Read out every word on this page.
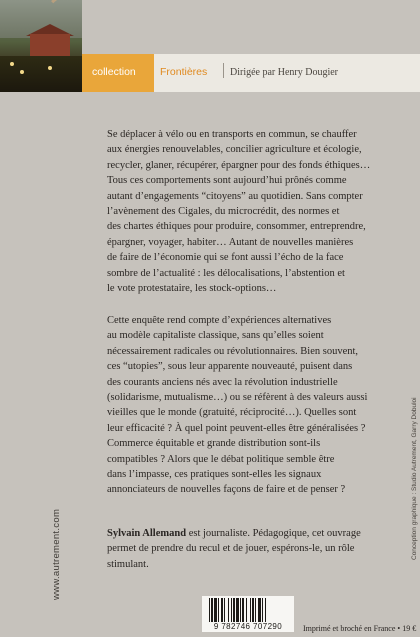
collection Frontières Dirigée par Henry Dougier
Se déplacer à vélo ou en transports en commun, se chauffer
aux énergies renouvelables, concilier agriculture et écologie,
recycler, glaner, récupérer, épargner pour des fonds éthiques…
Tous ces comportements sont aujourd’hui prônés comme
autant d’engagements “citoyens” au quotidien. Sans compter
l’avènement des Cigales, du microcrédit, des normes et
des chartes éthiques pour produire, consommer, entreprendre,
épargner, voyager, habiter… Autant de nouvelles manières
de faire de l’économie qui se font aussi l’écho de la face
sombre de l’actualité : les délocalisations, l’abstention et
le vote protestataire, les stock-options…
Cette enquête rend compte d’expériences alternatives
au modèle capitaliste classique, sans qu’elles soient
nécessairement radicales ou révolutionnaires. Bien souvent,
ces “utopies”, sous leur apparente nouveauté, puisent dans
des courants anciens nés avec la révolution industrielle
(solidarisme, mutualisme…) ou se réfèrent à des valeurs aussi
vieilles que le monde (gratuité, réciprocité…). Quelles sont
leur efficacité ? À quel point peuvent-elles être généralisées ?
Commerce équitable et grande distribution sont-ils
compatibles ? Alors que le débat politique semble être
dans l’impasse, ces pratiques sont-elles les signaux
annonciateurs de nouvelles façons de faire et de penser ?
Sylvain Allemand est journaliste. Pédagogique, cet ouvrage
permet de prendre du recul et de jouer, espérons-le, un rôle
stimulant.
www.autrement.com	Conception graphique : Studio Autrement, Garry Dobuloi
9 782746 707290	Imprimé et broché en France • 19 €
